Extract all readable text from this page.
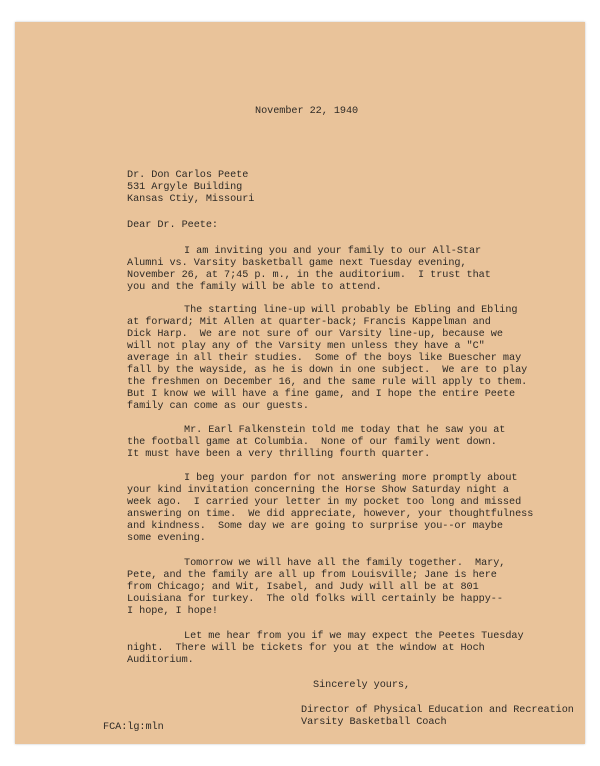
November 22, 1940
Dr. Don Carlos Peete
531 Argyle Building
Kansas Ctiy, Missouri
Dear Dr. Peete:
I am inviting you and your family to our All-Star
Alumni vs. Varsity basketball game next Tuesday evening,
November 26, at 7;45 p. m., in the auditorium.  I trust that
you and the family will be able to attend.
The starting line-up will probably be Ebling and Ebling
at forward; Mit Allen at quarter-back; Francis Kappelman and
Dick Harp.  We are not sure of our Varsity line-up, because we
will not play any of the Varsity men unless they have a "C"
average in all their studies.  Some of the boys like Buescher may
fall by the wayside, as he is down in one subject.  We are to play
the freshmen on December 16, and the same rule will apply to them.
But I know we will have a fine game, and I hope the entire Peete
family can come as our guests.
Mr. Earl Falkenstein told me today that he saw you at
the football game at Columbia.  None of our family went down.
It must have been a very thrilling fourth quarter.
I beg your pardon for not answering more promptly about
your kind invitation concerning the Horse Show Saturday night a
week ago.  I carried your letter in my pocket too long and missed
answering on time.  We did appreciate, however, your thoughtfulness
and kindness.  Some day we are going to surprise you--or maybe
some evening.
Tomorrow we will have all the family together.  Mary,
Pete, and the family are all up from Louisville; Jane is here
from Chicago; and Wit, Isabel, and Judy will all be at 801
Louisiana for turkey.  The old folks will certainly be happy--
I hope, I hope!
Let me hear from you if we may expect the Peetes Tuesday
night.  There will be tickets for you at the window at Hoch
Auditorium.
Sincerely yours,
Director of Physical Education and Recreation
Varsity Basketball Coach
FCA:lg:mln
